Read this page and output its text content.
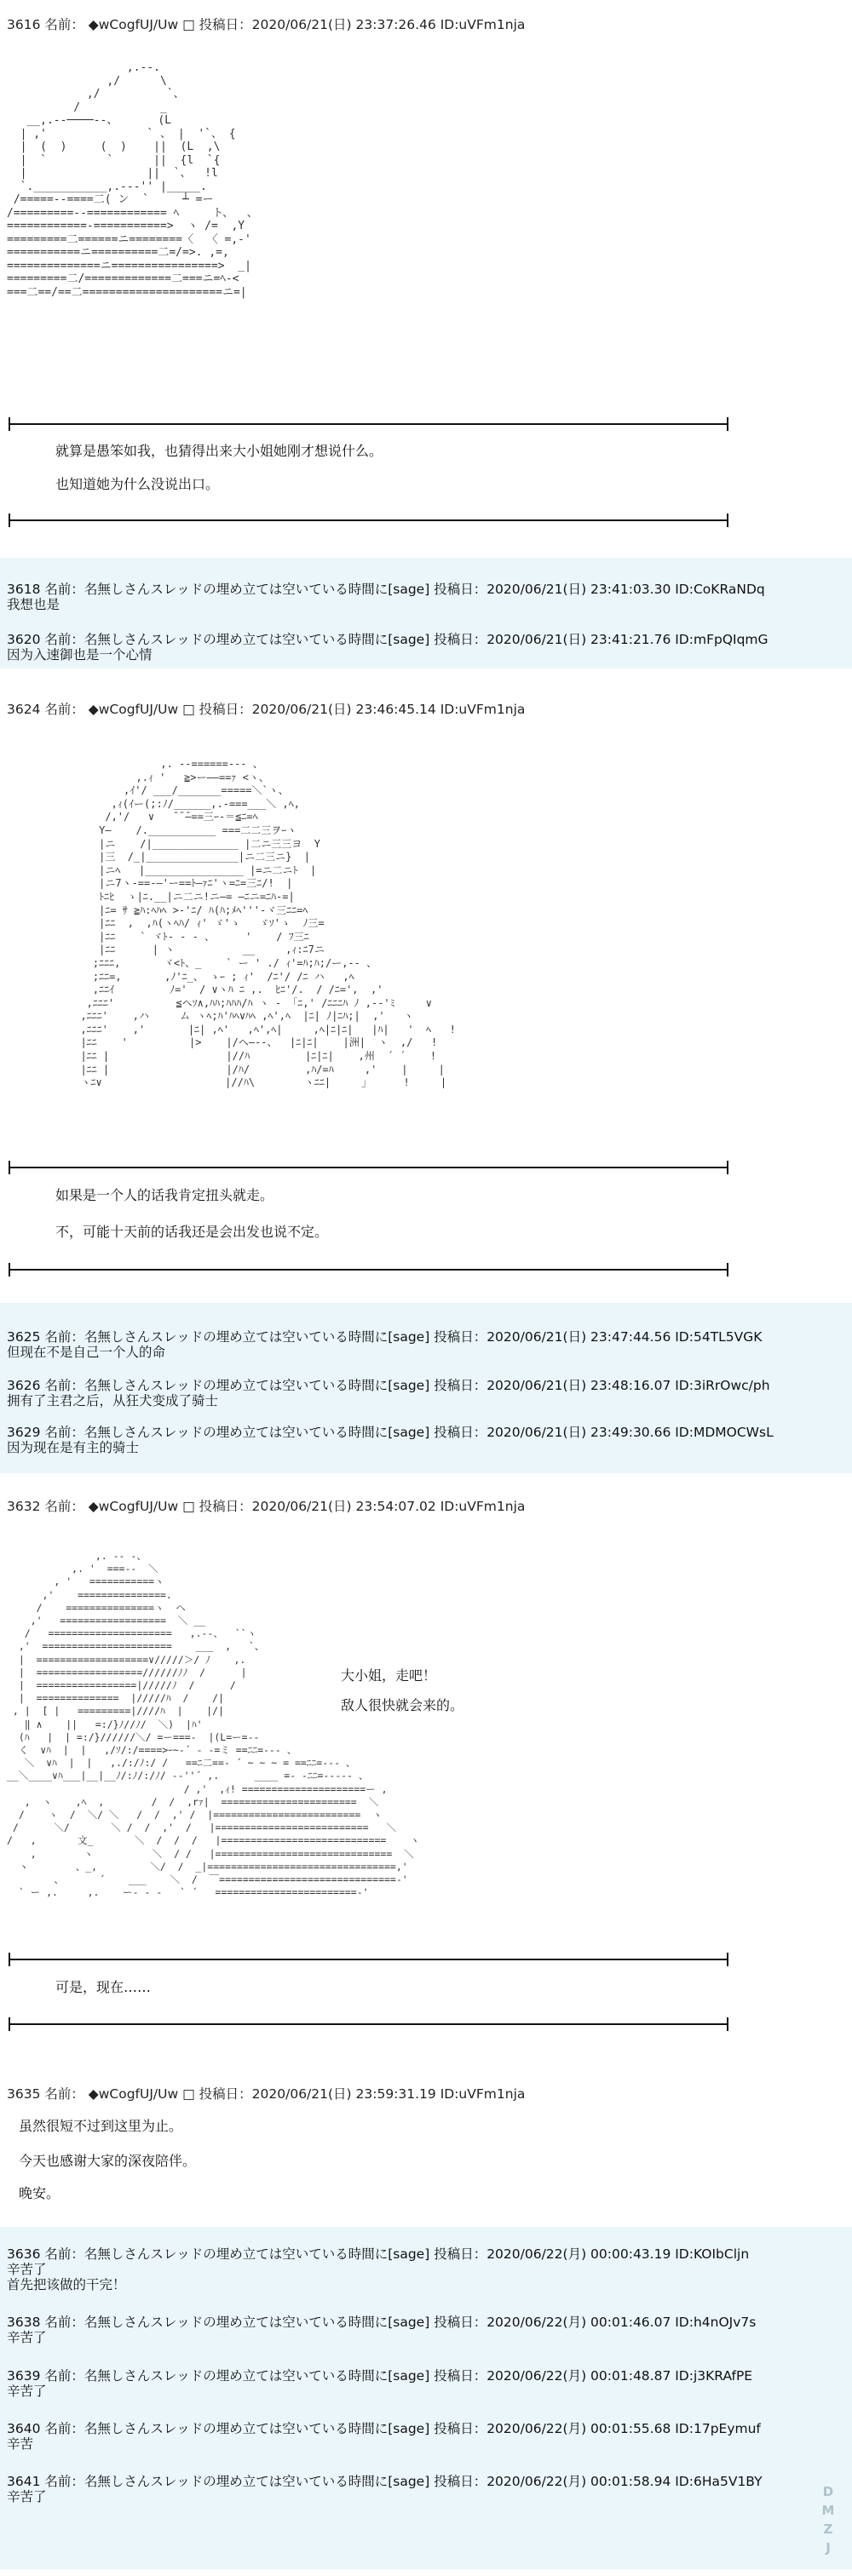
3616 名前： ◆wCogfUJ/Uw □ 投稿日：2020/06/21(日) 23:37:26.46 ID:uVFm1nja
,.--.
,/      \
,/          `、
/            _
__,.-‐────‐-、      (L
| ,'               ` 、 |  '`、 {
|  (  )     (  )    ||  (L  ,\
|  `         `      ||  {l  `{
|                  ||  `、  !l
`.___________,.--‐'' |_____.
/=====-‐====二( ン  `     ┴ =ー
/=========-‐============ ﾍ     ト、  、
============-===========>  ヽ /=  ,Y
=========二======ニ========〈  〈 =,-'
===========ニ==========二=/=>. ,=,
==============ニ================>  _|
=========二/=============二===ニ=ﾍ-<
===二==/==二=====================ニ=|
就算是愚笨如我，也猜得出来大小姐她刚才想说什么。
也知道她为什么没说出口。
3618 名前：名無しさんスレッドの埋め立ては空いている時間に[sage] 投稿日：2020/06/21(日) 23:41:03.30 ID:CoKRaNDq
我想也是
3620 名前：名無しさんスレッドの埋め立ては空いている時間に[sage] 投稿日：2020/06/21(日) 23:41:21.76 ID:mFpQIqmG
因为入速御也是一个心情
3624 名前： ◆wCogfUJ/Uw □ 投稿日：2020/06/21(日) 23:46:45.14 ID:uVFm1nja
,. -‐======-‐- 、
,.ｨ '   ≧>ー――==ｧ <ヽ、
,ｲ'/ ___/_______=====＼`ヽ、
,ｨ(ｲー(;:ﾉ/______,.-===___＼ ,ﾍ,
/,'/   ∨   ̄ ̄ ̄―==三ｰ‐＝≦ﾆ=ﾍ
Y―    /.___________ ===二二三ヲｰヽ
|ニ    /|______________ |二ニ三三ヨ  Y
|三  /_|_______________|ニ二三ニ}  |
|ニﾍ   |________________ |=ニ二ニﾄ  |
|ニ7ヽ‐==‐―'ー==ﾄ―ｧﾆ'ヽ=ﾆ=三ﾆ/!  |
ﾄﾆﾋ  ゝ|ﾆ.__|ニ二ニ!ニ―= ―ﾆニ=ﾆﾊ-=|
|ﾆ= ｻ ≧ﾊ:ﾍﾊﾍ >‐'ﾆ/ ﾊ(ﾊ;ﾒﾍ'''‐ヾ三ﾆﾆ=ﾍ
|ﾆﾆ  ,  ,ﾊ(ヽﾍﾊ/ ｨ' ゞ'ゝ   ゞｿ'ゝ  ﾉ三=
|ﾆﾆ    ` ヾﾄ‐ - - 、     '    / ﾌ三ﾆ
|ﾆﾆ      | ヽ           __     ,ｨ:ﾆ7ニ
;ﾆﾆﾆ,       ヾ<ﾄ、_    ` ー ' ./ ｨ'=ﾊ;ﾊ;/ー,-- 、
;ﾆﾆ=,       ,ﾉ'ﾆ_、 ゝｰ ; ｨ'  /ﾆ'/ /ﾆ ハ   ,ﾍ
,ﾆﾆｲ         ﾉ='  / ∨ヽﾊ ﾆ ,.  ﾋﾆ'/.  / /ﾆ=',  ,'
,ﾆﾆﾆ'          ≦ヘｿ∧,ﾊﾊ;ﾊﾊﾊ/ﾊ ヽ ‐ 「ﾆ,' /ﾆﾆﾆﾊ ﾉ ,-‐'ﾐ     ∨
,ﾆﾆﾆ'    ,ハ     ム ヽﾍ;ﾊ'ﾊﾍ∨ﾊﾍ ,ﾍ',ﾍ  |ﾆ| ﾉ|ﾆﾊ;|  ,'   ヽ
,ﾆﾆﾆ'    ,'       |ﾆ| ,ﾍ'   ,ﾍ',ﾍ|     ,ﾍ|ﾆ|ﾆ|   |ﾊ|   '  ﾍ   !
|ﾆﾆ    '          |>    |/ヘ―‐-、  |ﾆ|ﾆ|    |洲|  ヽ  ,/   !
|ﾆﾆ |                   |//ﾊ         |ﾆ|ﾆ|    ,州  ´ ´    !
|ﾆﾆ |                   |/ﾊ/         ,ﾊ/=ﾊ     ,'    |     |
ヽﾆ∨                    |//ﾊ\        ヽﾆﾆ|     ｣      !     |
如果是一个人的话我肯定扭头就走。
不，可能十天前的话我还是会出发也说不定。
3625 名前：名無しさんスレッドの埋め立ては空いている時間に[sage] 投稿日：2020/06/21(日) 23:47:44.56 ID:54TL5VGK
但现在不是自己一个人的命
3626 名前：名無しさんスレッドの埋め立ては空いている時間に[sage] 投稿日：2020/06/21(日) 23:48:16.07 ID:3iRrOwc/ph
拥有了主君之后，从狂犬变成了骑士
3629 名前：名無しさんスレッドの埋め立ては空いている時間に[sage] 投稿日：2020/06/21(日) 23:49:30.66 ID:MDMOCWsL
因为现在是有主的骑士
3632 名前： ◆wCogfUJ/Uw □ 投稿日：2020/06/21(日) 23:54:07.02 ID:uVFm1nja
,. -‐ -、
,. '  ===‐-  ＼
, '   ===========ヽ
,'    ===============.
/    ===============ヽ  ヘ
,'   ==================  ＼ __
/   =====================   ,.‐-、  ``ヽ
,'  ======================    ___  ,   `、
|  ===================∨/////＞/ ﾉ    ,.
|  ==================//////ﾉﾉ  /      |
|  =================|/////ﾉ  /      /
|  ==============  |/////ﾊ  /    /|
, |  [ |   =========|////ﾊ  |    |/|
‖ ∧    ||   =:/}ﾉ//ﾉ/  ＼)  |ﾊ'
(ﾊ   |  | =:/}//////＼/ =ー===‐  |(L=ー=-‐
く  ∨ﾊ  |  |   ,/ｿ/:/====>ｰ~‐´ ‐ -=ミ ==ﾆﾆ=‐-- 、
＼  ∨ﾊ  |  |   ,./:/ﾉ:/ /   ==ﾆ二==- ´ ~ ~ ~ = ==ﾆﾆ=‐-- 、
__＼____∨ﾊ___|__|__ﾉ/:ﾉ/:/ﾉ/ -‐''´ ,.      ____ =‐ -ﾆﾆ=-‐‐-- 、
/ ,'  ,ｨ! =====================ー ,
,  ヽ    ,ﾍ  ,        /  /  ,rｧ|  =======================  ＼
/    ヽ  /  ＼/ ＼   /  /  ,' /  |=========================  ヽ
/      ＼/       ＼ /  /  ,'  /   |==========================   ＼
/   ,       文_       ＼  /  /  /   |============================    ヽ
,        ヽ          ＼  / /   |==============================  ＼
ヽ        、_,         ＼/  /  _|================================,'
、      ´    ___    ＼  /  ￣==============================‐'
` ー ,.     ,.    ー‐ - ‐   ` ´   ========================‐'
大小姐，走吧！
敌人很快就会来的。
可是，现在……
3635 名前： ◆wCogfUJ/Uw □ 投稿日：2020/06/21(日) 23:59:31.19 ID:uVFm1nja
虽然很短不过到这里为止。
今天也感谢大家的深夜陪伴。
晚安。
3636 名前：名無しさんスレッドの埋め立ては空いている時間に[sage] 投稿日：2020/06/22(月) 00:00:43.19 ID:KOIbCljn
辛苦了
首先把该做的干完！
3638 名前：名無しさんスレッドの埋め立ては空いている時間に[sage] 投稿日：2020/06/22(月) 00:01:46.07 ID:h4nOJv7s
辛苦了
3639 名前：名無しさんスレッドの埋め立ては空いている時間に[sage] 投稿日：2020/06/22(月) 00:01:48.87 ID:j3KRAfPE
辛苦了
3640 名前：名無しさんスレッドの埋め立ては空いている時間に[sage] 投稿日：2020/06/22(月) 00:01:55.68 ID:17pEymuf
辛苦
3641 名前：名無しさんスレッドの埋め立ては空いている時間に[sage] 投稿日：2020/06/22(月) 00:01:58.94 ID:6Ha5V1BY
辛苦了	D
M
Z
J
